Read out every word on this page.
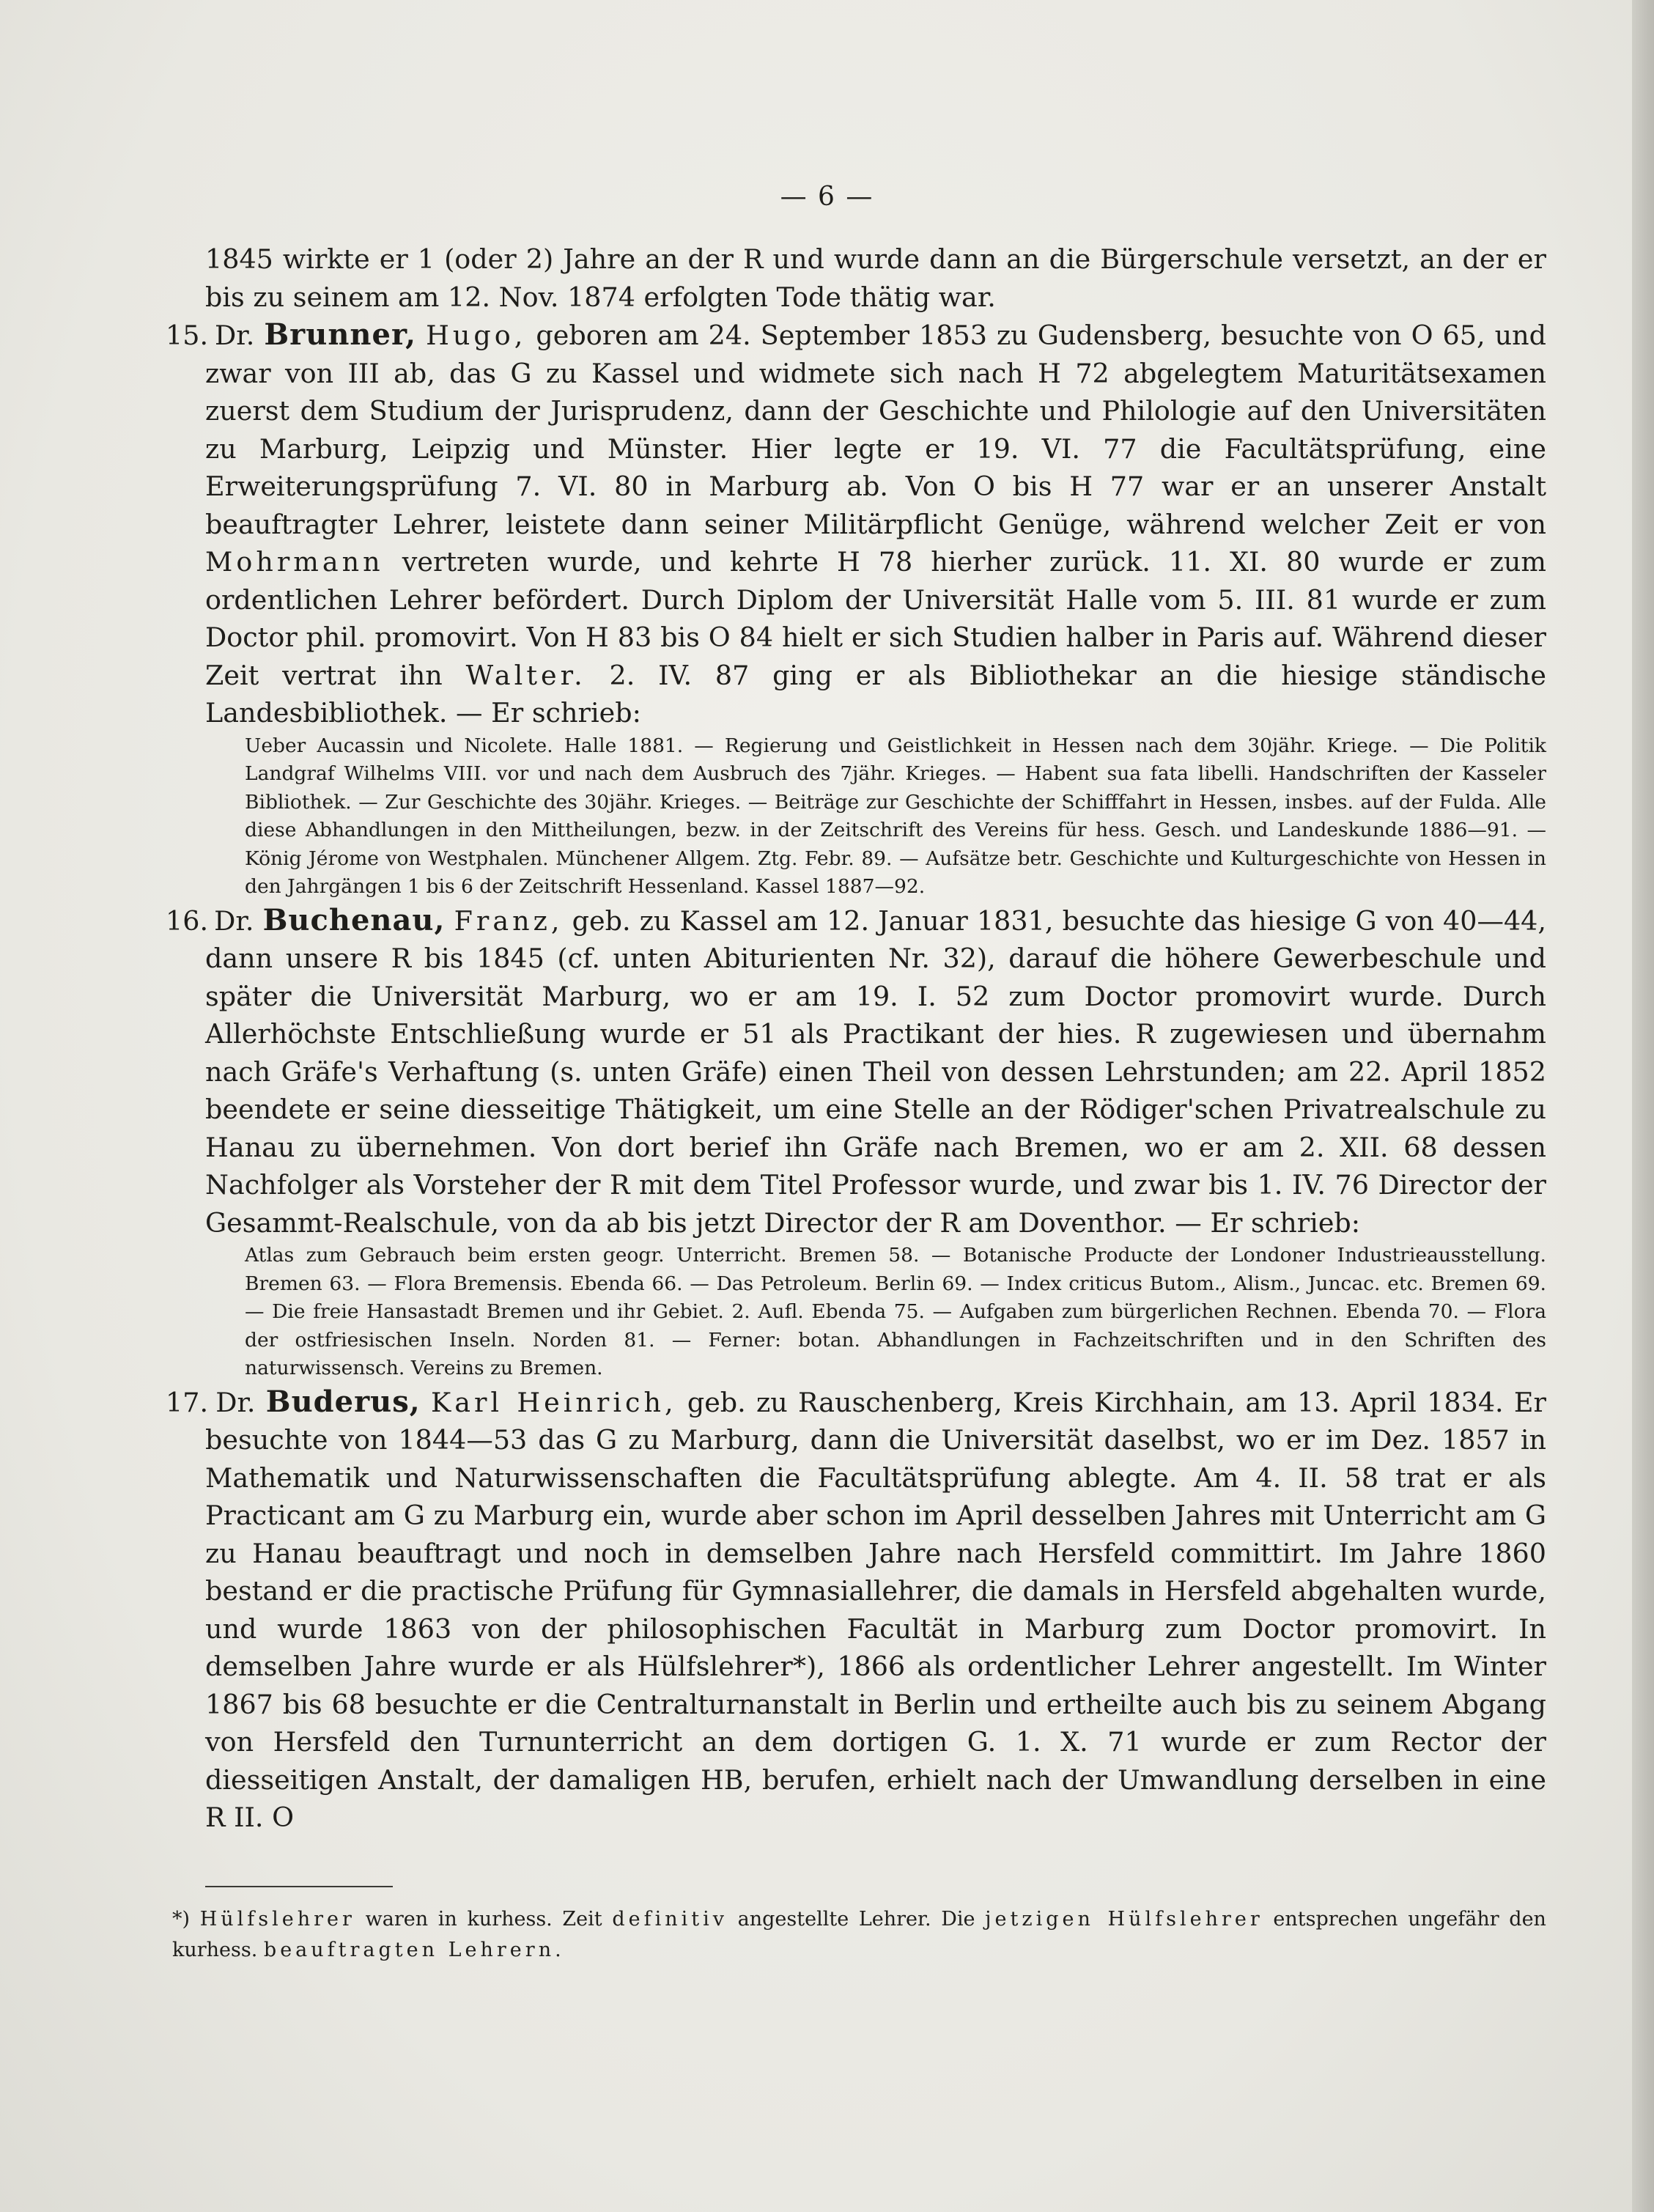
— 6 —

1845 wirkte er 1 (oder 2) Jahre an der R und wurde dann an die Bürgerschule versetzt, an der er bis zu seinem am 12. Nov. 1874 erfolgten Tode thätig war.

15. Dr. Brunner, Hugo, geboren am 24. September 1853 zu Gudensberg, besuchte von O 65, und zwar von III ab, das G zu Kassel und widmete sich nach H 72 abgelegtem Maturitätsexamen zuerst dem Studium der Jurisprudenz, dann der Geschichte und Philologie auf den Universitäten zu Marburg, Leipzig und Münster. Hier legte er 19. VI. 77 die Facultätsprüfung, eine Erweiterungsprüfung 7. VI. 80 in Marburg ab. Von O bis H 77 war er an unserer Anstalt beauftragter Lehrer, leistete dann seiner Militärpflicht Genüge, während welcher Zeit er von Mohrmann vertreten wurde, und kehrte H 78 hierher zurück. 11. XI. 80 wurde er zum ordentlichen Lehrer befördert. Durch Diplom der Universität Halle vom 5. III. 81 wurde er zum Doctor phil. promovirt. Von H 83 bis O 84 hielt er sich Studien halber in Paris auf. Während dieser Zeit vertrat ihn Walter. 2. IV. 87 ging er als Bibliothekar an die hiesige ständische Landesbibliothek. — Er schrieb:

Ueber Aucassin und Nicolete. Halle 1881. — Regierung und Geistlichkeit in Hessen nach dem 30jähr. Kriege. — Die Politik Landgraf Wilhelms VIII. vor und nach dem Ausbruch des 7jähr. Krieges. — Habent sua fata libelli. Handschriften der Kasseler Bibliothek. — Zur Geschichte des 30jähr. Krieges. — Beiträge zur Geschichte der Schifffahrt in Hessen, insbes. auf der Fulda. Alle diese Abhandlungen in den Mittheilungen, bezw. in der Zeitschrift des Vereins für hess. Gesch. und Landeskunde 1886—91. — König Jérome von Westphalen. Münchener Allgem. Ztg. Febr. 89. — Aufsätze betr. Geschichte und Kulturgeschichte von Hessen in den Jahrgängen 1 bis 6 der Zeitschrift Hessenland. Kassel 1887—92.

16. Dr. Buchenau, Franz, geb. zu Kassel am 12. Januar 1831, besuchte das hiesige G von 40—44, dann unsere R bis 1845 (cf. unten Abiturienten Nr. 32), darauf die höhere Gewerbeschule und später die Universität Marburg, wo er am 19. I. 52 zum Doctor promovirt wurde. Durch Allerhöchste Entschließung wurde er 51 als Practikant der hies. R zugewiesen und übernahm nach Gräfe's Verhaftung (s. unten Gräfe) einen Theil von dessen Lehrstunden; am 22. April 1852 beendete er seine diesseitige Thätigkeit, um eine Stelle an der Rödiger'schen Privatrealschule zu Hanau zu übernehmen. Von dort berief ihn Gräfe nach Bremen, wo er am 2. XII. 68 dessen Nachfolger als Vorsteher der R mit dem Titel Professor wurde, und zwar bis 1. IV. 76 Director der Gesammt-Realschule, von da ab bis jetzt Director der R am Doventhor. — Er schrieb:

Atlas zum Gebrauch beim ersten geogr. Unterricht. Bremen 58. — Botanische Producte der Londoner Industrieausstellung. Bremen 63. — Flora Bremensis. Ebenda 66. — Das Petroleum. Berlin 69. — Index criticus Butom., Alism., Juncac. etc. Bremen 69. — Die freie Hansastadt Bremen und ihr Gebiet. 2. Aufl. Ebenda 75. — Aufgaben zum bürgerlichen Rechnen. Ebenda 70. — Flora der ostfriesischen Inseln. Norden 81. — Ferner: botan. Abhandlungen in Fachzeitschriften und in den Schriften des naturwissensch. Vereins zu Bremen.

17. Dr. Buderus, Karl Heinrich, geb. zu Rauschenberg, Kreis Kirchhain, am 13. April 1834. Er besuchte von 1844—53 das G zu Marburg, dann die Universität daselbst, wo er im Dez. 1857 in Mathematik und Naturwissenschaften die Facultätsprüfung ablegte. Am 4. II. 58 trat er als Practicant am G zu Marburg ein, wurde aber schon im April desselben Jahres mit Unterricht am G zu Hanau beauftragt und noch in demselben Jahre nach Hersfeld committirt. Im Jahre 1860 bestand er die practische Prüfung für Gymnasiallehrer, die damals in Hersfeld abgehalten wurde, und wurde 1863 von der philosophischen Facultät in Marburg zum Doctor promovirt. In demselben Jahre wurde er als Hülfslehrer*), 1866 als ordentlicher Lehrer angestellt. Im Winter 1867 bis 68 besuchte er die Centralturnanstalt in Berlin und ertheilte auch bis zu seinem Abgang von Hersfeld den Turnunterricht an dem dortigen G. 1. X. 71 wurde er zum Rector der diesseitigen Anstalt, der damaligen HB, berufen, erhielt nach der Umwandlung derselben in eine R II. O

*) Hülfslehrer waren in kurhess. Zeit definitiv angestellte Lehrer. Die jetzigen Hülfslehrer entsprechen ungefähr den kurhess. beauftragten Lehrern.
